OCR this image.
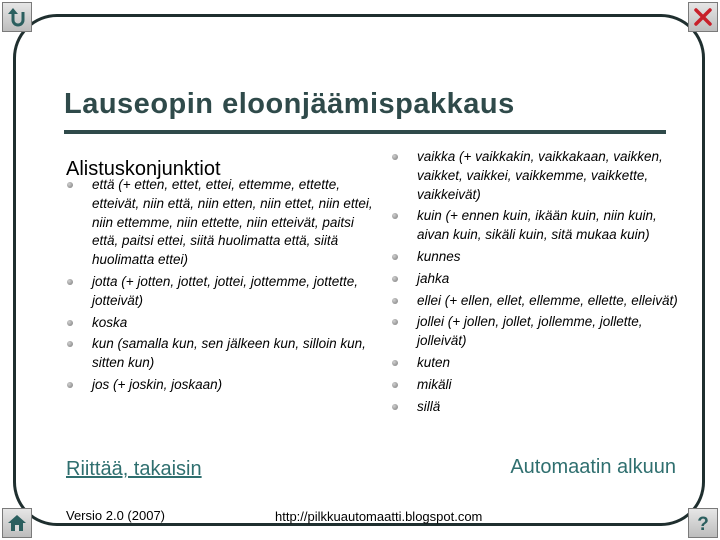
?
Lauseopin eloonjäämispakkaus
Alistuskonjunktiot
että (+ etten, ettet, ettei, ettemme, ettette, etteivät, niin että, niin etten, niin ettet, niin ettei, niin ettemme, niin ettette, niin etteivät, paitsi että, paitsi ettei, siitä huolimatta että, siitä huolimatta ettei)
jotta (+ jotten, jottet, jottei, jottemme, jottette, jotteivät)
koska
kun (samalla kun, sen jälkeen kun, silloin kun, sitten kun)
jos (+ joskin, joskaan)
vaikka (+ vaikkakin, vaikkakaan, vaikken, vaikket, vaikkei, vaikkemme, vaikkette, vaikkeivät)
kuin (+ ennen kuin, ikään kuin, niin kuin, aivan kuin, sikäli kuin, sitä mukaa kuin)
kunnes
jahka
ellei (+ ellen, ellet, ellemme, ellette, elleivät)
jollei (+ jollen, jollet, jollemme, jollette, jolleivät)
kuten
mikäli
sillä
Riittää, takaisin	Automaatin alkuun
Versio 2.0 (2007)	http://pilkkuautomaatti.blogspot.com
